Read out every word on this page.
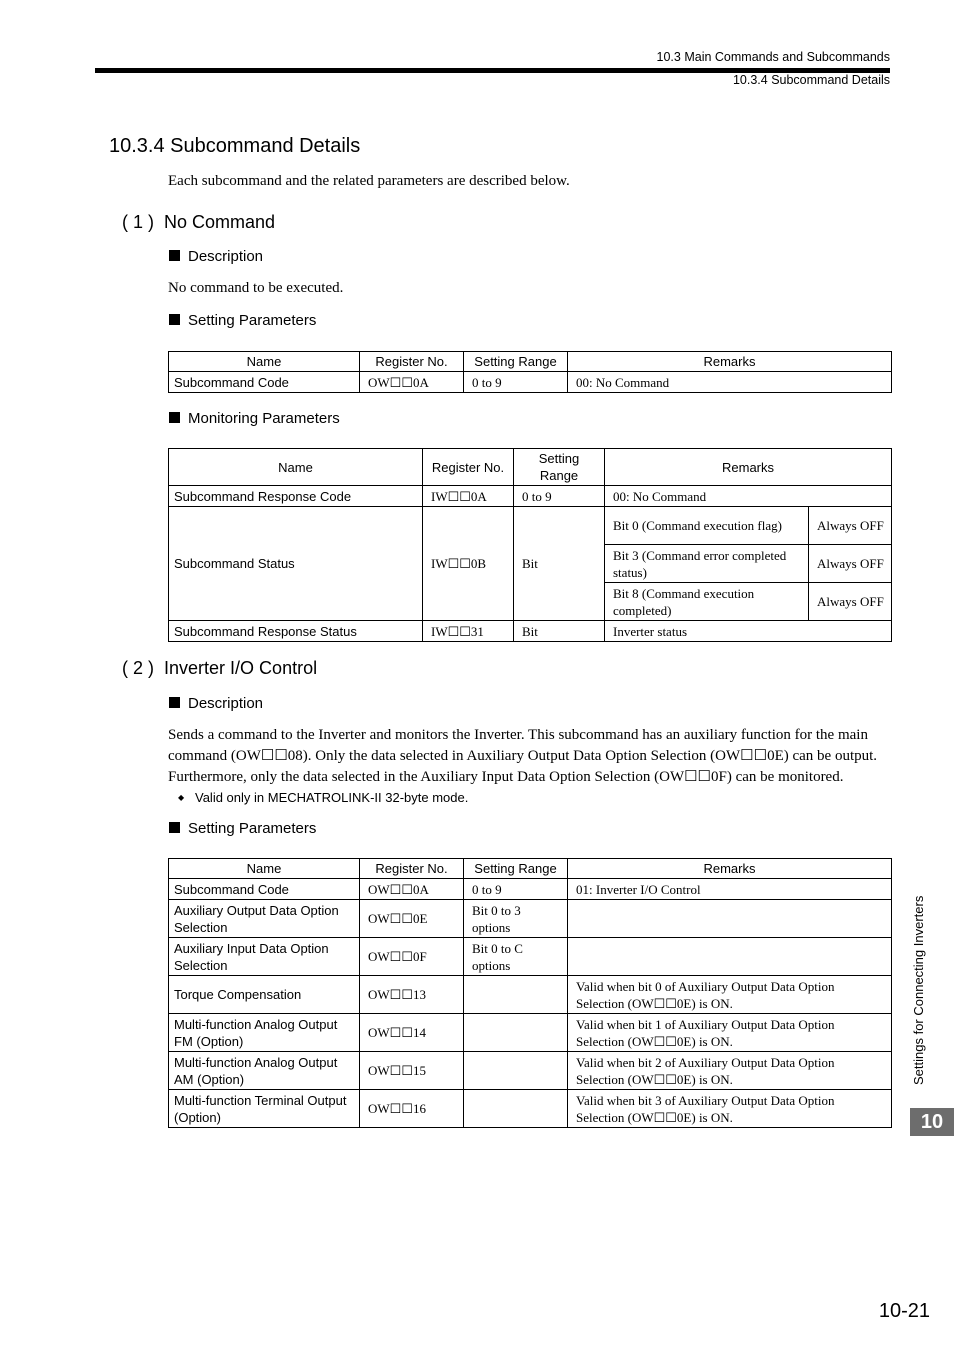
10.3 Main Commands and Subcommands
10.3.4 Subcommand Details
10.3.4 Subcommand Details
Each subcommand and the related parameters are described below.
( 1 ) No Command
Description
No command to be executed.
Setting Parameters
Name	Register No.	Setting Range	Remarks
Subcommand Code	OW☐☐0A	0 to 9	00: No Command
Monitoring Parameters
Name	Register No.	Setting Range	Remarks	
Subcommand Response Code	IW☐☐0A	0 to 9	00: No Command	
Subcommand Status	IW☐☐0B	Bit	Bit 0 (Command execution flag)	Always OFF
			Bit 3 (Command error completed status)	Always OFF
			Bit 8 (Command execution completed)	Always OFF
Subcommand Response Status	IW☐☐31	Bit	Inverter status	
( 2 ) Inverter I/O Control
Description
Sends a command to the Inverter and monitors the Inverter. This subcommand has an auxiliary function for the main
command (OW☐☐08). Only the data selected in Auxiliary Output Data Option Selection (OW☐☐0E) can be output.
Furthermore, only the data selected in the Auxiliary Input Data Option Selection (OW☐☐0F) can be monitored.
◆ Valid only in MECHATROLINK-II 32-byte mode.
Setting Parameters
Name	Register No.	Setting Range	Remarks
Subcommand Code	OW☐☐0A	0 to 9	01: Inverter I/O Control
Auxiliary Output Data Option Selection	OW☐☐0E	Bit 0 to 3 options	
Auxiliary Input Data Option Selection	OW☐☐0F	Bit 0 to C options	
Torque Compensation	OW☐☐13		Valid when bit 0 of Auxiliary Output Data Option Selection (OW☐☐0E) is ON.
Multi-function Analog Output FM (Option)	OW☐☐14		Valid when bit 1 of Auxiliary Output Data Option Selection (OW☐☐0E) is ON.
Multi-function Analog Output AM (Option)	OW☐☐15		Valid when bit 2 of Auxiliary Output Data Option Selection (OW☐☐0E) is ON.
Multi-function Terminal Output (Option)	OW☐☐16		Valid when bit 3 of Auxiliary Output Data Option Selection (OW☐☐0E) is ON.
Settings for Connecting Inverters
10
10-21
